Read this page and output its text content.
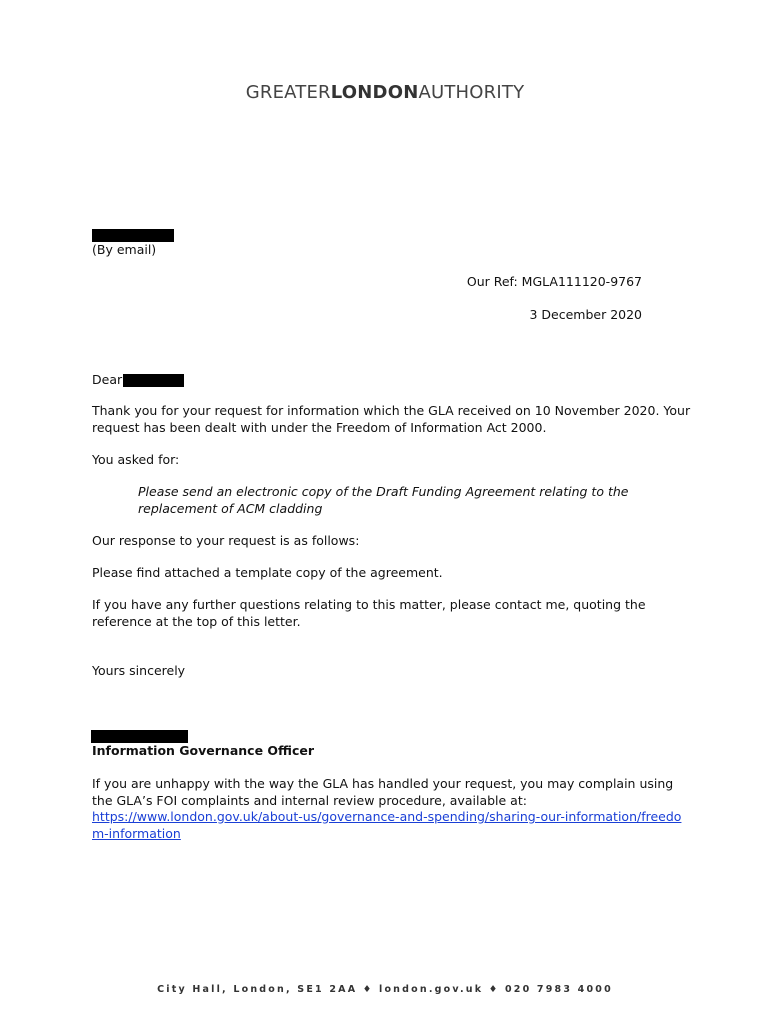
GREATERLONDONAUTHORITY
(By email)
Our Ref: MGLA111120-9767
3 December 2020
Dear
Thank you for your request for information which the GLA received on 10 November 2020. Your request has been dealt with under the Freedom of Information Act 2000.
You asked for:
Please send an electronic copy of the Draft Funding Agreement relating to the replacement of ACM cladding
Our response to your request is as follows:
Please find attached a template copy of the agreement.
If you have any further questions relating to this matter, please contact me, quoting the reference at the top of this letter.
Yours sincerely
Information Governance Officer
If you are unhappy with the way the GLA has handled your request, you may complain using the GLA’s FOI complaints and internal review procedure, available at:
https://www.london.gov.uk/about-us/governance-and-spending/sharing-our-information/freedom-information
City Hall, London, SE1 2AA ♦ london.gov.uk ♦ 020 7983 4000
